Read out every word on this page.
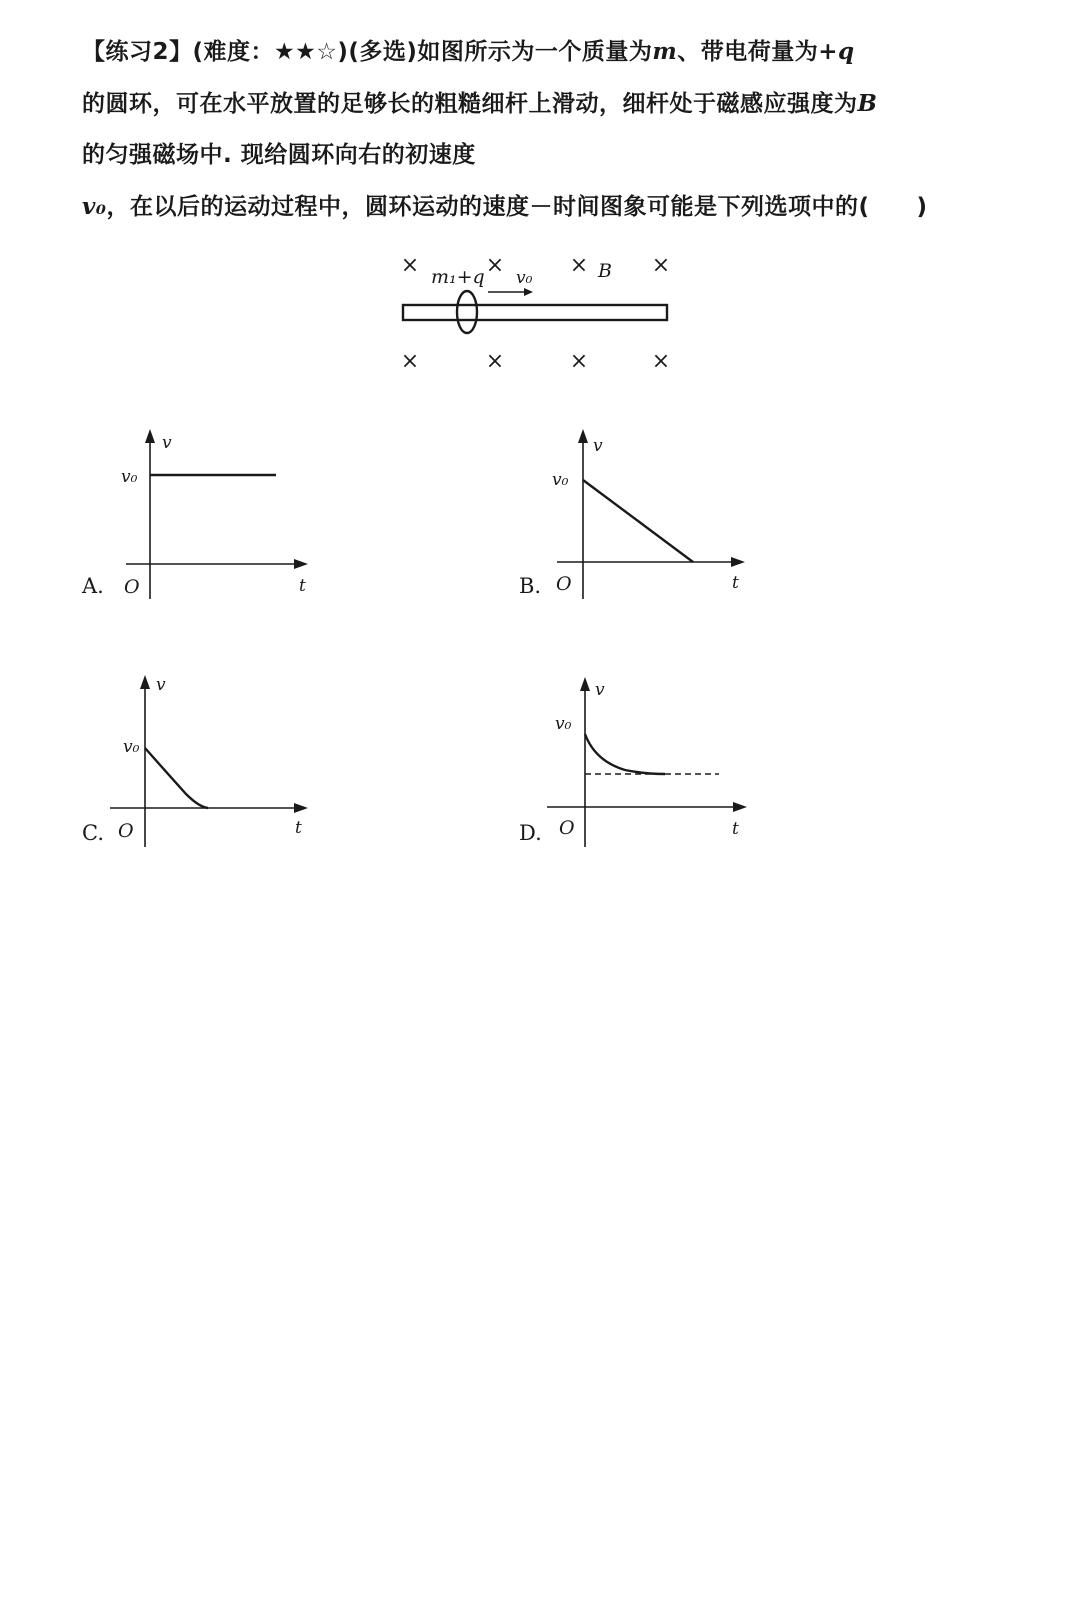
【练习2】(难度：★★☆)(多选)如图所示为一个质量为m、带电荷量为+q的圆环，可在水平放置的足够长的粗糙细杆上滑动，细杆处于磁感应强度为B的匀强磁场中. 现给圆环向右的初速度v₀，在以后的运动过程中，圆环运动的速度－时间图象可能是下列选项中的(　　)
×	×	×	×
×	×	×	×
m₁+q v₀	B
v
v₀
O	t
A.
v
v₀
O	t
B.
v
v₀
O	t
C.
v
v₀
O	t
D.
